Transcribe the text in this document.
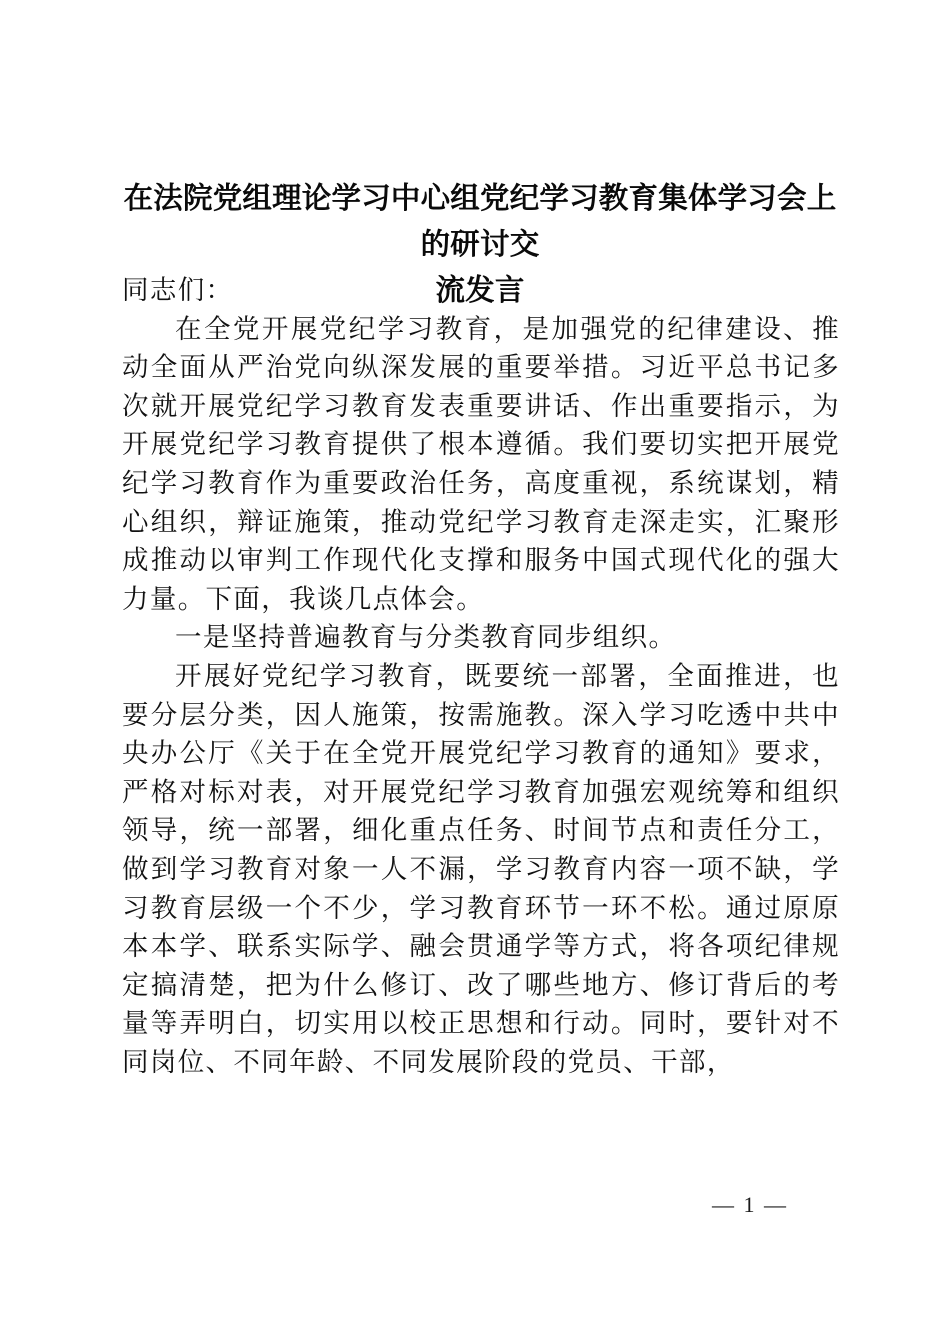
在法院党组理论学习中心组党纪学习教育集体学习会上的研讨交
流发言

同志们：

在全党开展党纪学习教育，是加强党的纪律建设、推动全面从严治党向纵深发展的重要举措。习近平总书记多次就开展党纪学习教育发表重要讲话、作出重要指示，为开展党纪学习教育提供了根本遵循。我们要切实把开展党纪学习教育作为重要政治任务，高度重视，系统谋划，精心组织，辩证施策，推动党纪学习教育走深走实，汇聚形成推动以审判工作现代化支撑和服务中国式现代化的强大力量。下面，我谈几点体会。

一是坚持普遍教育与分类教育同步组织。

开展好党纪学习教育，既要统一部署，全面推进，也要分层分类，因人施策，按需施教。深入学习吃透中共中央办公厅《关于在全党开展党纪学习教育的通知》要求，严格对标对表，对开展党纪学习教育加强宏观统筹和组织领导，统一部署，细化重点任务、时间节点和责任分工，做到学习教育对象一人不漏，学习教育内容一项不缺，学习教育层级一个不少，学习教育环节一环不松。通过原原本本学、联系实际学、融会贯通学等方式，将各项纪律规定搞清楚，把为什么修订、改了哪些地方、修订背后的考量等弄明白，切实用以校正思想和行动。同时，要针对不同岗位、不同年龄、不同发展阶段的党员、干部，

— 1 —
